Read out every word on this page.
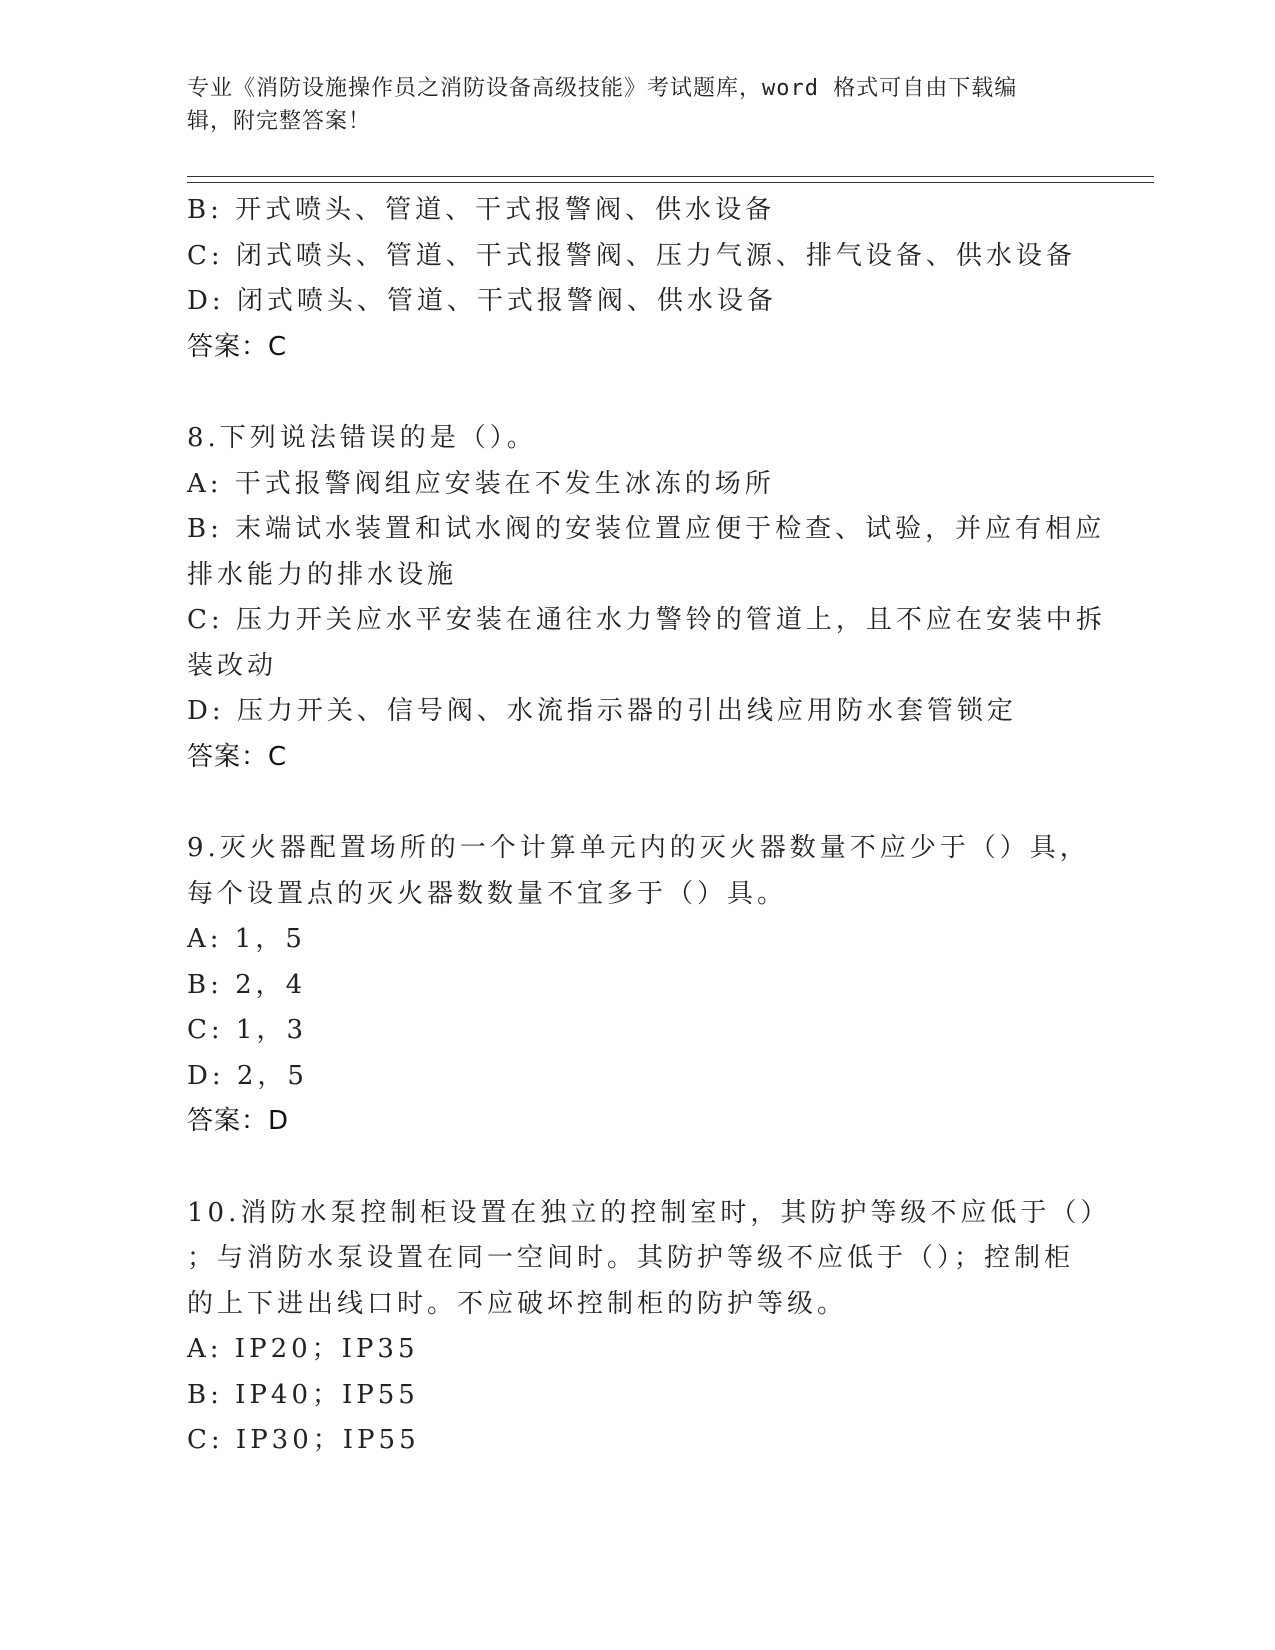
专业《消防设施操作员之消防设备高级技能》考试题库，word 格式可自由下载编
辑，附完整答案！
B: 开式喷头、管道、干式报警阀、供水设备
C: 闭式喷头、管道、干式报警阀、压力气源、排气设备、供水设备
D: 闭式喷头、管道、干式报警阀、供水设备
答案：C
8.下列说法错误的是（）。
A: 干式报警阀组应安装在不发生冰冻的场所
B: 末端试水装置和试水阀的安装位置应便于检查、试验，并应有相应
排水能力的排水设施
C: 压力开关应水平安装在通往水力警铃的管道上，且不应在安装中拆
装改动
D: 压力开关、信号阀、水流指示器的引出线应用防水套管锁定
答案：C
9.灭火器配置场所的一个计算单元内的灭火器数量不应少于（）具，
每个设置点的灭火器数数量不宜多于（）具。
A: 1，5
B: 2，4
C: 1，3
D: 2，5
答案：D
10.消防水泵控制柜设置在独立的控制室时，其防护等级不应低于（）
；与消防水泵设置在同一空间时。其防护等级不应低于（）；控制柜
的上下进出线口时。不应破坏控制柜的防护等级。
A: IP20；IP35
B: IP40；IP55
C: IP30；IP55
